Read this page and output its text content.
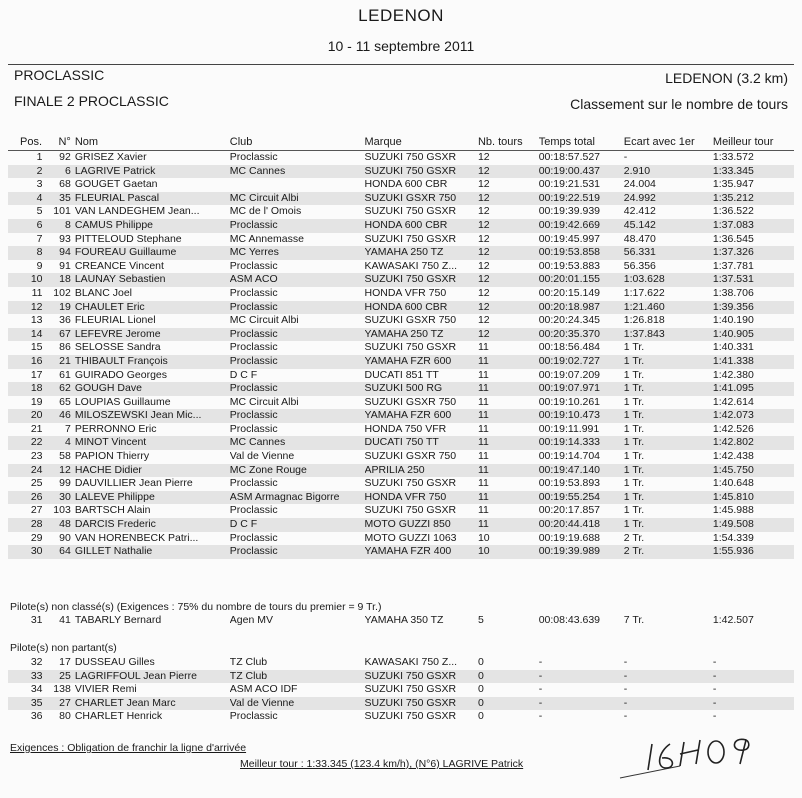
LEDENON
10 - 11 septembre 2011
PROCLASSIC
FINALE 2 PROCLASSIC
LEDENON (3.2 km)
Classement sur le nombre de tours
Pos.	N°	Nom	Club	Marque	Nb. tours	Temps total	Ecart avec 1er	Meilleur tour
1	92	GRISEZ Xavier	Proclassic	SUZUKI 750 GSXR	12	00:18:57.527	-	1:33.572
2	6	LAGRIVE Patrick	MC Cannes	SUZUKI 750 GSXR	12	00:19:00.437	2.910	1:33.345
3	68	GOUGET Gaetan		HONDA 600 CBR	12	00:19:21.531	24.004	1:35.947
4	35	FLEURIAL Pascal	MC Circuit Albi	SUZUKI GSXR 750	12	00:19:22.519	24.992	1:35.212
5	101	VAN LANDEGHEM Jean...	MC de l' Omois	SUZUKI 750 GSXR	12	00:19:39.939	42.412	1:36.522
6	8	CAMUS Philippe	Proclassic	HONDA 600 CBR	12	00:19:42.669	45.142	1:37.083
7	93	PITTELOUD Stephane	MC Annemasse	SUZUKI 750 GSXR	12	00:19:45.997	48.470	1:36.545
8	94	FOUREAU Guillaume	MC Yerres	YAMAHA 250 TZ	12	00:19:53.858	56.331	1:37.326
9	91	CREANCE Vincent	Proclassic	KAWASAKI 750 Z...	12	00:19:53.883	56.356	1:37.781
10	18	LAUNAY Sebastien	ASM ACO	SUZUKI 750 GSXR	12	00:20:01.155	1:03.628	1:37.531
11	102	BLANC Joel	Proclassic	HONDA VFR 750	12	00:20:15.149	1:17.622	1:38.706
12	19	CHAULET Eric	Proclassic	HONDA 600 CBR	12	00:20:18.987	1:21.460	1:39.356
13	36	FLEURIAL Lionel	MC Circuit Albi	SUZUKI GSXR 750	12	00:20:24.345	1:26.818	1:40.190
14	67	LEFEVRE Jerome	Proclassic	YAMAHA 250 TZ	12	00:20:35.370	1:37.843	1:40.905
15	86	SELOSSE Sandra	Proclassic	SUZUKI 750 GSXR	11	00:18:56.484	1 Tr.	1:40.331
16	21	THIBAULT François	Proclassic	YAMAHA FZR 600	11	00:19:02.727	1 Tr.	1:41.338
17	61	GUIRADO Georges	D C F	DUCATI 851 TT	11	00:19:07.209	1 Tr.	1:42.380
18	62	GOUGH Dave	Proclassic	SUZUKI 500 RG	11	00:19:07.971	1 Tr.	1:41.095
19	65	LOUPIAS Guillaume	MC Circuit Albi	SUZUKI GSXR 750	11	00:19:10.261	1 Tr.	1:42.614
20	46	MILOSZEWSKI Jean Mic...	Proclassic	YAMAHA FZR 600	11	00:19:10.473	1 Tr.	1:42.073
21	7	PERRONNO Eric	Proclassic	HONDA 750 VFR	11	00:19:11.991	1 Tr.	1:42.526
22	4	MINOT Vincent	MC Cannes	DUCATI 750 TT	11	00:19:14.333	1 Tr.	1:42.802
23	58	PAPION Thierry	Val de Vienne	SUZUKI GSXR 750	11	00:19:14.704	1 Tr.	1:42.438
24	12	HACHE Didier	MC Zone Rouge	APRILIA 250	11	00:19:47.140	1 Tr.	1:45.750
25	99	DAUVILLIER Jean Pierre	Proclassic	SUZUKI 750 GSXR	11	00:19:53.893	1 Tr.	1:40.648
26	30	LALEVE Philippe	ASM Armagnac Bigorre	HONDA VFR 750	11	00:19:55.254	1 Tr.	1:45.810
27	103	BARTSCH Alain	Proclassic	SUZUKI 750 GSXR	11	00:20:17.857	1 Tr.	1:45.988
28	48	DARCIS Frederic	D C F	MOTO GUZZI 850	11	00:20:44.418	1 Tr.	1:49.508
29	90	VAN HORENBECK Patri...	Proclassic	MOTO GUZZI 1063	10	00:19:19.688	2 Tr.	1:54.339
30	64	GILLET Nathalie	Proclassic	YAMAHA FZR 400	10	00:19:39.989	2 Tr.	1:55.936
Pilote(s) non classé(s) (Exigences : 75% du nombre de tours du premier = 9 Tr.)
31	41	TABARLY Bernard	Agen MV	YAMAHA 350 TZ	5	00:08:43.639	7 Tr.	1:42.507
Pilote(s) non partant(s)
32	17	DUSSEAU Gilles	TZ Club	KAWASAKI 750 Z...	0	-	-	-
33	25	LAGRIFFOUL Jean Pierre	TZ Club	SUZUKI 750 GSXR	0	-	-	-
34	138	VIVIER Remi	ASM ACO IDF	SUZUKI 750 GSXR	0	-	-	-
35	27	CHARLET Jean Marc	Val de Vienne	SUZUKI 750 GSXR	0	-	-	-
36	80	CHARLET Henrick	Proclassic	SUZUKI 750 GSXR	0	-	-	-
Exigences : Obligation de franchir la ligne d'arrivée
Meilleur tour : 1:33.345 (123.4 km/h), (N°6) LAGRIVE Patrick
